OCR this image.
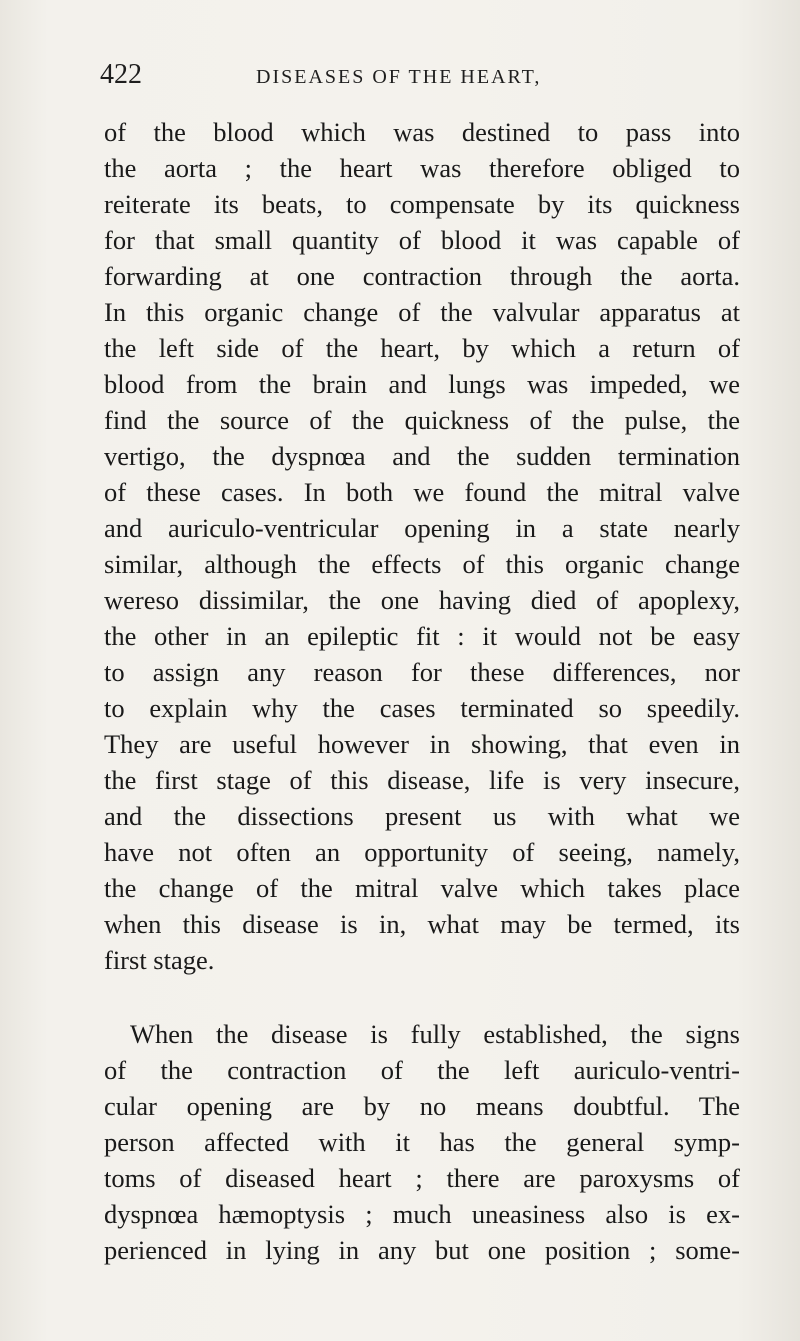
422	DISEASES OF THE HEART,
of the blood which was destined to pass into
the aorta ; the heart was therefore obliged to
reiterate its beats, to compensate by its quickness
for that small quantity of blood it was capable of
forwarding at one contraction through the aorta.
In this organic change of the valvular apparatus at
the left side of the heart, by which a return of
blood from the brain and lungs was impeded, we
find the source of the quickness of the pulse, the
vertigo, the dyspnœa and the sudden termination
of these cases. In both we found the mitral valve
and auriculo-ventricular opening in a state nearly
similar, although the effects of this organic change
wereso dissimilar, the one having died of apoplexy,
the other in an epileptic fit : it would not be easy
to assign any reason for these differences, nor
to explain why the cases terminated so speedily.
They are useful however in showing, that even in
the first stage of this disease, life is very insecure,
and the dissections present us with what we
have not often an opportunity of seeing, namely,
the change of the mitral valve which takes place
when this disease is in, what may be termed, its
first stage.
When the disease is fully established, the signs
of the contraction of the left auriculo-ventri-
cular opening are by no means doubtful. The
person affected with it has the general symp-
toms of diseased heart ; there are paroxysms of
dyspnœa hæmoptysis ; much uneasiness also is ex-
perienced in lying in any but one position ; some-
